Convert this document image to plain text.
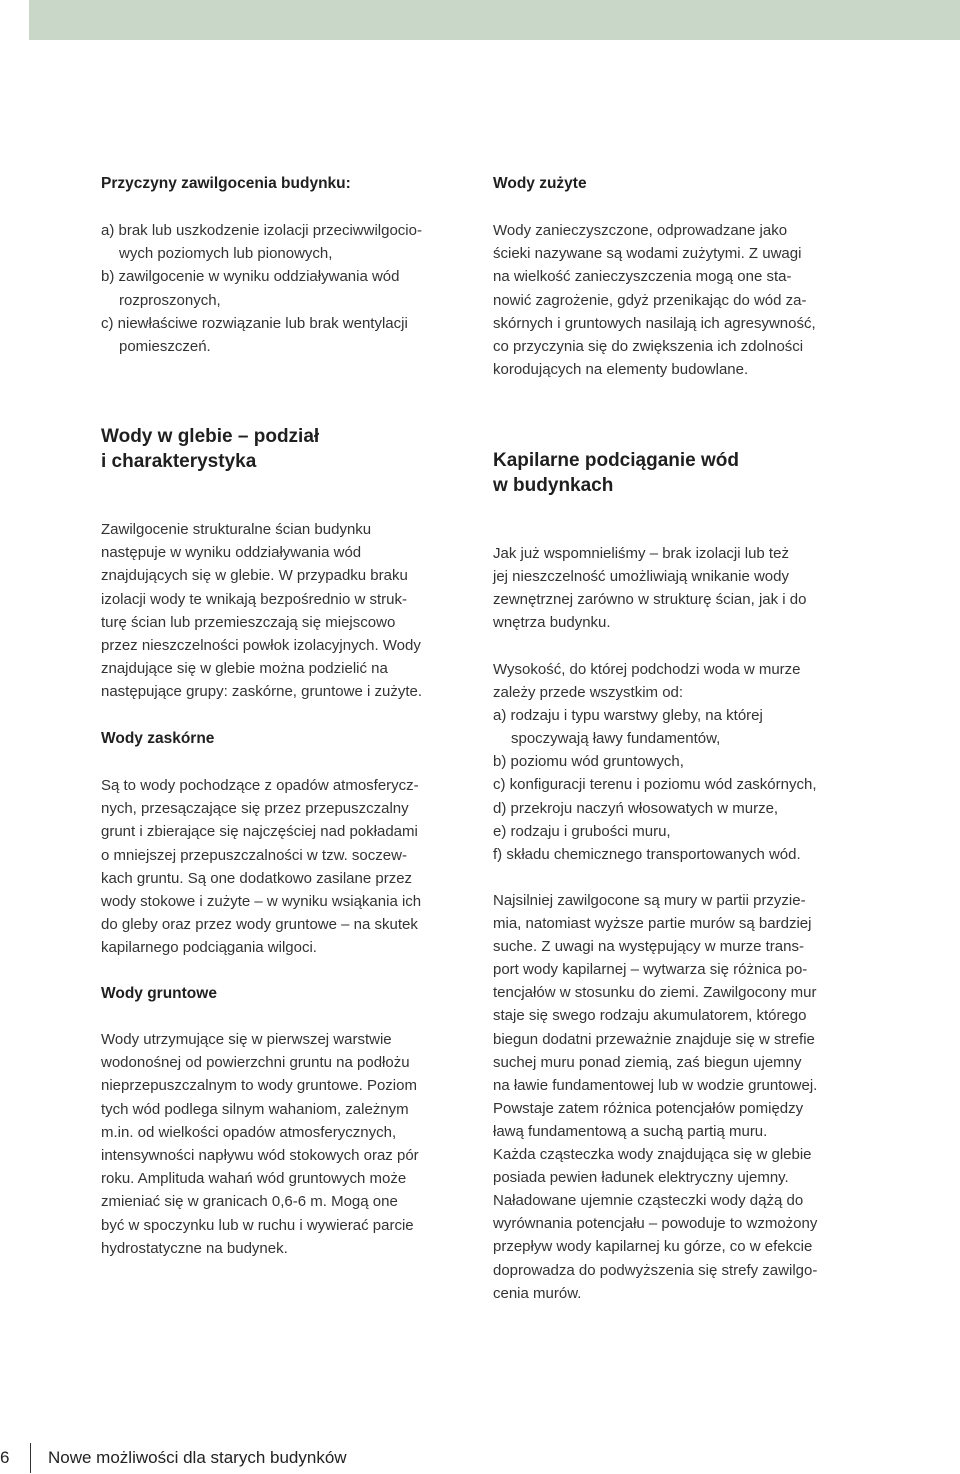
Przyczyny zawilgocenia budynku:
a) brak lub uszkodzenie izolacji przeciwwilgocio-
wych poziomych lub pionowych,
b) zawilgocenie w wyniku oddziaływania wód
rozproszonych,
c) niewłaściwe rozwiązanie lub brak wentylacji
pomieszczeń.
Wody w glebie – podział
i charakterystyka
Zawilgocenie strukturalne ścian budynku
następuje w wyniku oddziaływania wód
znajdujących się w glebie. W przypadku braku
izolacji wody te wnikają bezpośrednio w struk-
turę ścian lub przemieszczają się miejscowo
przez nieszczelności powłok izolacyjnych. Wody
znajdujące się w glebie można podzielić na
następujące grupy: zaskórne, gruntowe i zużyte.
Wody zaskórne
Są to wody pochodzące z opadów atmosferycz-
nych, przesączające się przez przepuszczalny
grunt i zbierające się najczęściej nad pokładami
o mniejszej przepuszczalności w tzw. soczew-
kach gruntu. Są one dodatkowo zasilane przez
wody stokowe i zużyte – w wyniku wsiąkania ich
do gleby oraz przez wody gruntowe – na skutek
kapilarnego podciągania wilgoci.
Wody gruntowe
Wody utrzymujące się w pierwszej warstwie
wodonośnej od powierzchni gruntu na podłożu
nieprzepuszczalnym to wody gruntowe. Poziom
tych wód podlega silnym wahaniom, zależnym
m.in. od wielkości opadów atmosferycznych,
intensywności napływu wód stokowych oraz pór
roku. Amplituda wahań wód gruntowych może
zmieniać się w granicach 0,6-6 m. Mogą one
być w spoczynku lub w ruchu i wywierać parcie
hydrostatyczne na budynek.
Wody zużyte
Wody zanieczyszczone, odprowadzane jako
ścieki nazywane są wodami zużytymi. Z uwagi
na wielkość zanieczyszczenia mogą one sta-
nowić zagrożenie, gdyż przenikając do wód za-
skórnych i gruntowych nasilają ich agresywność,
co przyczynia się do zwiększenia ich zdolności
korodujących na elementy budowlane.
Kapilarne podciąganie wód
w budynkach
Jak już wspomnieliśmy – brak izolacji lub też
jej nieszczelność umożliwiają wnikanie wody
zewnętrznej zarówno w strukturę ścian, jak i do
wnętrza budynku.
Wysokość, do której podchodzi woda w murze
zależy przede wszystkim od:
a) rodzaju i typu warstwy gleby, na której
spoczywają ławy fundamentów,
b) poziomu wód gruntowych,
c) konfiguracji terenu i poziomu wód zaskórnych,
d) przekroju naczyń włosowatych w murze,
e) rodzaju i grubości muru,
f) składu chemicznego transportowanych wód.
Najsilniej zawilgocone są mury w partii przyzie-
mia, natomiast wyższe partie murów są bardziej
suche. Z uwagi na występujący w murze trans-
port wody kapilarnej – wytwarza się różnica po-
tencjałów w stosunku do ziemi. Zawilgocony mur
staje się swego rodzaju akumulatorem, którego
biegun dodatni przeważnie znajduje się w strefie
suchej muru ponad ziemią, zaś biegun ujemny
na ławie fundamentowej lub w wodzie gruntowej.
Powstaje zatem różnica potencjałów pomiędzy
ławą fundamentową a suchą partią muru.
Każda cząsteczka wody znajdująca się w glebie
posiada pewien ładunek elektryczny ujemny.
Naładowane ujemnie cząsteczki wody dążą do
wyrównania potencjału – powoduje to wzmożony
przepływ wody kapilarnej ku górze, co w efekcie
doprowadza do podwyższenia się strefy zawilgo-
cenia murów.
6 Nowe możliwości dla starych budynków
